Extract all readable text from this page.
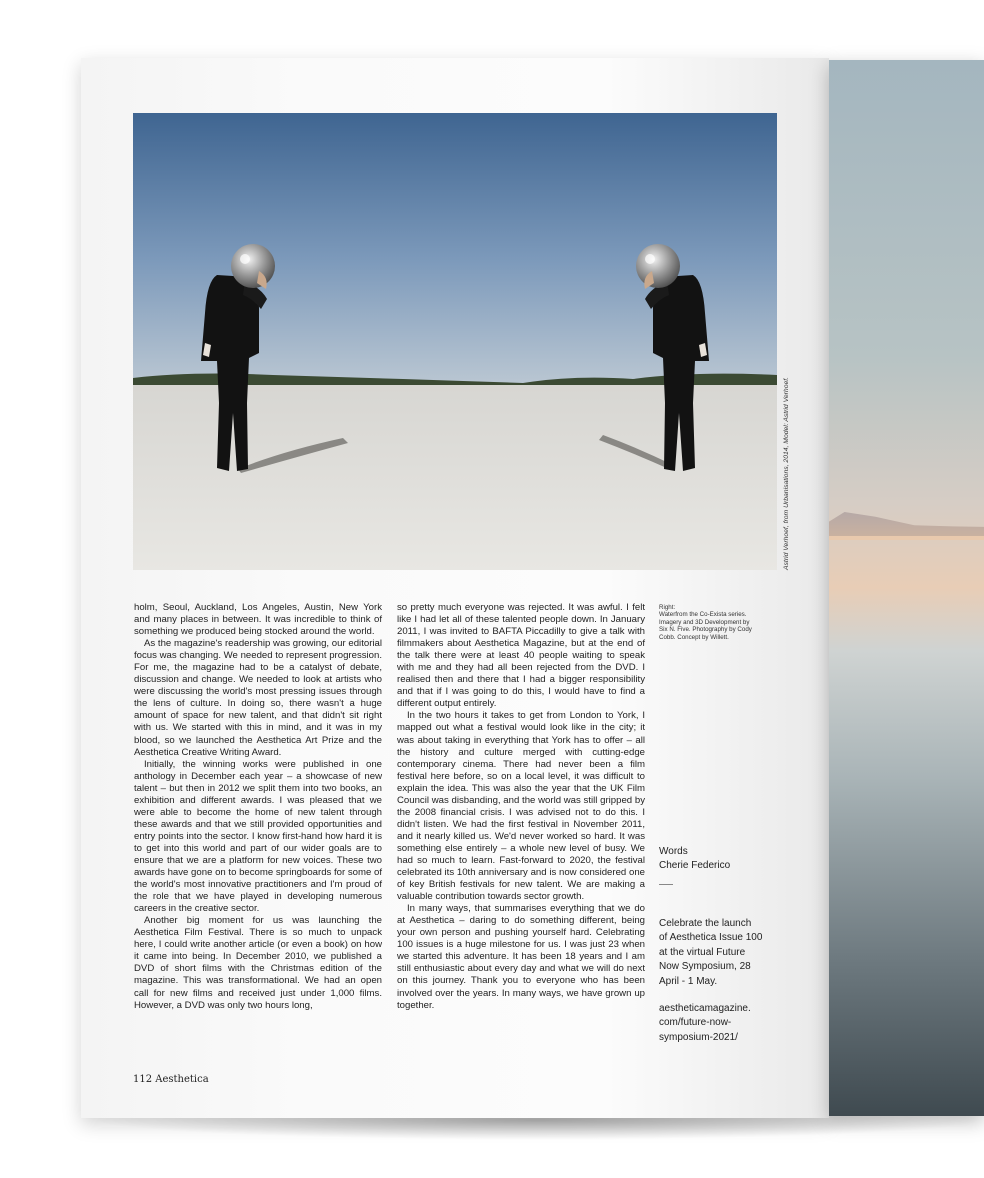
Astrid Verhoef, from Urbanisations, 2014, Model: Astrid Verhoef.

holm, Seoul, Auckland, Los Angeles, Austin, New York and many places in between. It was incredible to think of something we produced being stocked around the world.

As the magazine's readership was growing, our editorial focus was changing. We needed to represent progression. For me, the magazine had to be a catalyst of debate, discussion and change. We needed to look at artists who were discussing the world's most pressing issues through the lens of culture. In doing so, there wasn't a huge amount of space for new talent, and that didn't sit right with us. We started with this in mind, and it was in my blood, so we launched the Aesthetica Art Prize and the Aesthetica Creative Writing Award.

Initially, the winning works were published in one anthology in December each year – a showcase of new talent – but then in 2012 we split them into two books, an exhibition and different awards. I was pleased that we were able to become the home of new talent through these awards and that we still provided opportunities and entry points into the sector. I know first-hand how hard it is to get into this world and part of our wider goals are to ensure that we are a platform for new voices. These two awards have gone on to become springboards for some of the world's most innovative practitioners and I'm proud of the role that we have played in developing numerous careers in the creative sector.

Another big moment for us was launching the Aesthetica Film Festival. There is so much to unpack here, I could write another article (or even a book) on how it came into being. In December 2010, we published a DVD of short films with the Christmas edition of the magazine. This was transformational. We had an open call for new films and received just under 1,000 films. However, a DVD was only two hours long,

so pretty much everyone was rejected. It was awful. I felt like I had let all of these talented people down. In January 2011, I was invited to BAFTA Piccadilly to give a talk with filmmakers about Aesthetica Magazine, but at the end of the talk there were at least 40 people waiting to speak with me and they had all been rejected from the DVD. I realised then and there that I had a bigger responsibility and that if I was going to do this, I would have to find a different output entirely.

In the two hours it takes to get from London to York, I mapped out what a festival would look like in the city; it was about taking in everything that York has to offer – all the history and culture merged with cutting-edge contemporary cinema. There had never been a film festival here before, so on a local level, it was difficult to explain the idea. This was also the year that the UK Film Council was disbanding, and the world was still gripped by the 2008 financial crisis. I was advised not to do this. I didn't listen. We had the first festival in November 2011, and it nearly killed us. We'd never worked so hard. It was something else entirely – a whole new level of busy. We had so much to learn. Fast-forward to 2020, the festival celebrated its 10th anniversary and is now considered one of key British festivals for new talent. We are making a valuable contribution towards sector growth.

In many ways, that summarises everything that we do at Aesthetica – daring to do something different, being your own person and pushing yourself hard. Celebrating 100 issues is a huge milestone for us. I was just 23 when we started this adventure. It has been 18 years and I am still enthusiastic about every day and what we will do next on this journey. Thank you to everyone who has been involved over the years. In many ways, we have grown up together.

Right:

Waterfrom the Co-Exista series.

Imagery and 3D Development by

Six N. Five. Photography by Cody

Cobb. Concept by Willett.

Words

Cherie Federico

Celebrate the launch

of Aesthetica Issue 100

at the virtual Future

Now Symposium, 28

April - 1 May.

aestheticamagazine.

com/future-now-

symposium-2021/

112 Aesthetica
